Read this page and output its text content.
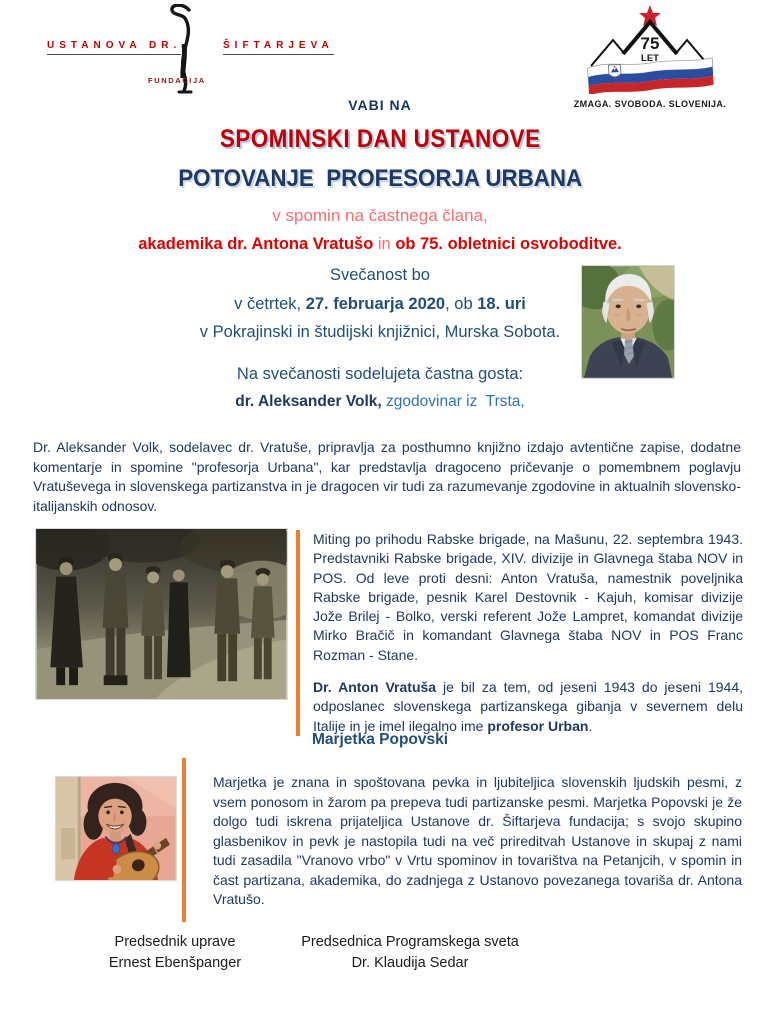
USTANOVA DR.	ŠIFTARJEVA
FUNDACIJA
75
LET
ZMAGA. SVOBODA. SLOVENIJA.
VABI NA
SPOMINSKI DAN USTANOVE
POTOVANJE  PROFESORJA URBANA
v spomin na častnega člana,
akademika dr. Antona Vratušo in ob 75. obletnici osvoboditve.
Svečanost bo
v četrtek, 27. februarja 2020, ob 18. uri
v Pokrajinski in študijski knjižnici, Murska Sobota.
Na svečanosti sodelujeta častna gosta:
dr. Aleksander Volk, zgodovinar iz  Trsta,

Dr. Aleksander Volk, sodelavec dr. Vratuše, pripravlja za posthumno knjižno izdajo avtentične zapise, dodatne komentarje in spomine "profesorja Urbana", kar predstavlja dragoceno pričevanje o pomembnem poglavju Vratuševega in slovenskega partizanstva in je dragocen vir tudi za razumevanje zgodovine in aktualnih slovensko-italijanskih odnosov.

Miting po prihodu Rabske brigade, na Mašunu, 22. septembra 1943. Predstavniki Rabske brigade, XIV. divizije in Glavnega štaba NOV in POS. Od leve proti desni: Anton Vratuša, namestnik poveljnika Rabske brigade, pesnik Karel Destovnik - Kajuh, komisar divizije Jože Brilej - Bolko, verski referent Jože Lampret, komandat divizije Mirko Bračič in komandant Glavnega štaba NOV in POS Franc Rozman - Stane.

Dr. Anton Vratuša je bil za tem, od jeseni 1943 do jeseni 1944, odposlanec slovenskega partizanskega gibanja v severnem delu Italije in je imel ilegalno ime profesor Urban.

Marjetka Popovski

Marjetka je znana in spoštovana pevka in ljubiteljica slovenskih ljudskih pesmi, z vsem ponosom in žarom pa prepeva tudi partizanske pesmi. Marjetka Popovski je že dolgo tudi iskrena prijateljica Ustanove dr. Šiftarjeva fundacija; s svojo skupino glasbenikov in pevk je nastopila tudi na več prireditvah Ustanove in skupaj z nami tudi zasadila "Vranovo vrbo" v Vrtu spominov in tovarištva na Petanjcih, v spomin in čast partizana, akademika, do zadnjega z Ustanovo povezanega tovariša dr. Antona Vratušo.

Predsednik uprave
Ernest Ebenšpanger
Predsednica Programskega sveta
Dr. Klaudija Sedar
